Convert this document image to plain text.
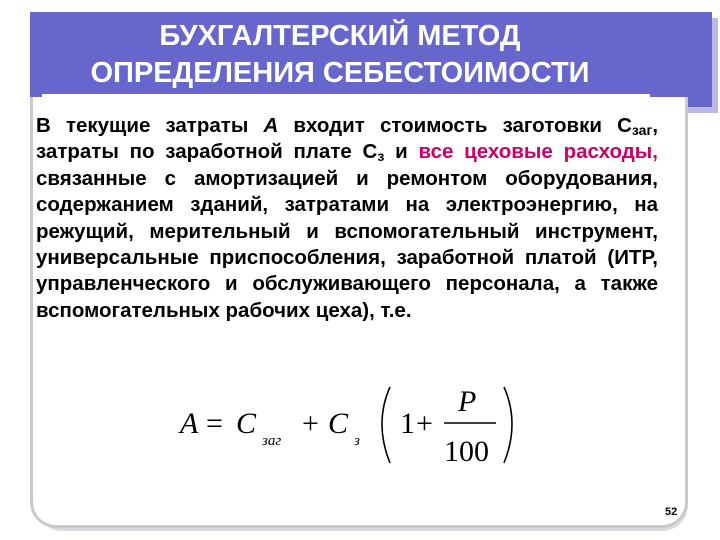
БУХГАЛТЕРСКИЙ МЕТОД
ОПРЕДЕЛЕНИЯ СЕБЕСТОИМОСТИ
В текущие затраты А входит стоимость заготовки $С_{заг}$, затраты по заработной плате $С_з$ и все цеховые расходы, связанные с амортизацией и ремонтом оборудования, содержанием зданий, затратами на электроэнергию, на режущий, мерительный и вспомогательный инструмент, универсальные приспособления, заработной платой (ИТР, управленческого и обслуживающего персонала, а также вспомогательных рабочих цеха), т.е.
A = C
заг
+ C
з
1 +
P
100
52
